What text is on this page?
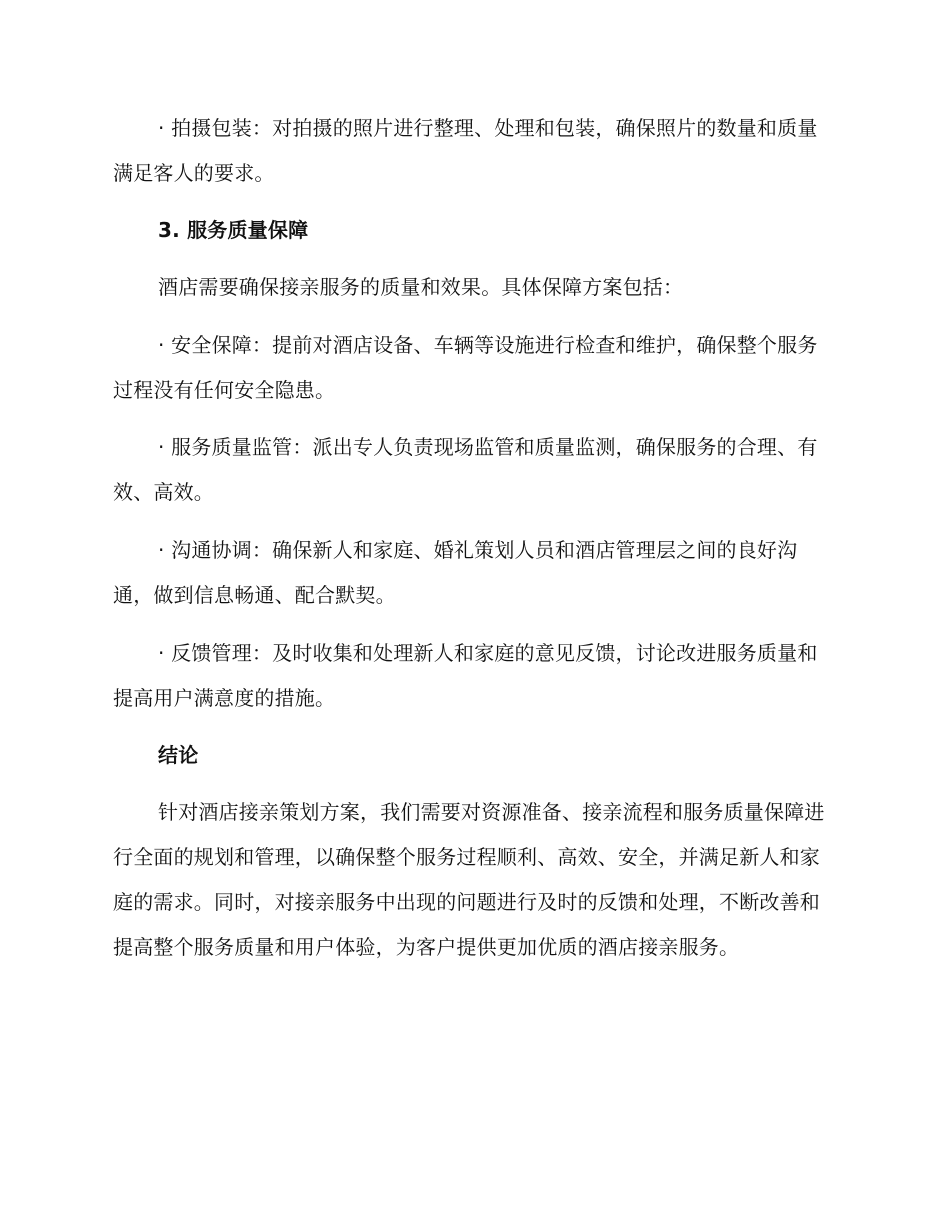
· 拍摄包装：对拍摄的照片进行整理、处理和包装，确保照片的数量和质量满足客人的要求。

3. 服务质量保障

酒店需要确保接亲服务的质量和效果。具体保障方案包括：

· 安全保障：提前对酒店设备、车辆等设施进行检查和维护，确保整个服务过程没有任何安全隐患。

· 服务质量监管：派出专人负责现场监管和质量监测，确保服务的合理、有效、高效。

· 沟通协调：确保新人和家庭、婚礼策划人员和酒店管理层之间的良好沟通，做到信息畅通、配合默契。

· 反馈管理：及时收集和处理新人和家庭的意见反馈，讨论改进服务质量和提高用户满意度的措施。

结论

针对酒店接亲策划方案，我们需要对资源准备、接亲流程和服务质量保障进行全面的规划和管理，以确保整个服务过程顺利、高效、安全，并满足新人和家庭的需求。同时，对接亲服务中出现的问题进行及时的反馈和处理，不断改善和提高整个服务质量和用户体验，为客户提供更加优质的酒店接亲服务。
